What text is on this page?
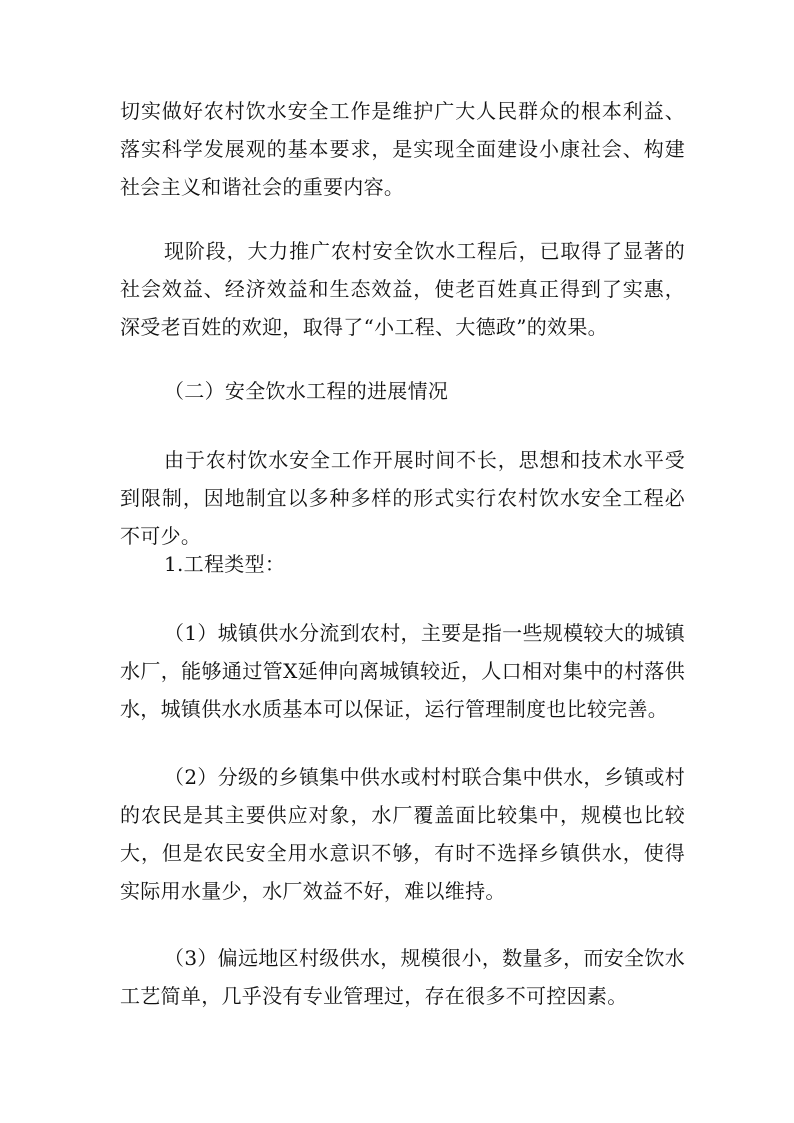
切实做好农村饮水安全工作是维护广大人民群众的根本利益、落实科学发展观的基本要求，是实现全面建设小康社会、构建社会主义和谐社会的重要内容。

现阶段，大力推广农村安全饮水工程后，已取得了显著的社会效益、经济效益和生态效益，使老百姓真正得到了实惠，深受老百姓的欢迎，取得了“小工程、大德政”的效果。

（二）安全饮水工程的进展情况

由于农村饮水安全工作开展时间不长，思想和技术水平受到限制，因地制宜以多种多样的形式实行农村饮水安全工程必不可少。

1.工程类型：

（1）城镇供水分流到农村，主要是指一些规模较大的城镇水厂，能够通过管X延伸向离城镇较近，人口相对集中的村落供水，城镇供水水质基本可以保证，运行管理制度也比较完善。

（2）分级的乡镇集中供水或村村联合集中供水，乡镇或村的农民是其主要供应对象，水厂覆盖面比较集中，规模也比较大，但是农民安全用水意识不够，有时不选择乡镇供水，使得实际用水量少，水厂效益不好，难以维持。

（3）偏远地区村级供水，规模很小，数量多，而安全饮水工艺简单，几乎没有专业管理过，存在很多不可控因素。
